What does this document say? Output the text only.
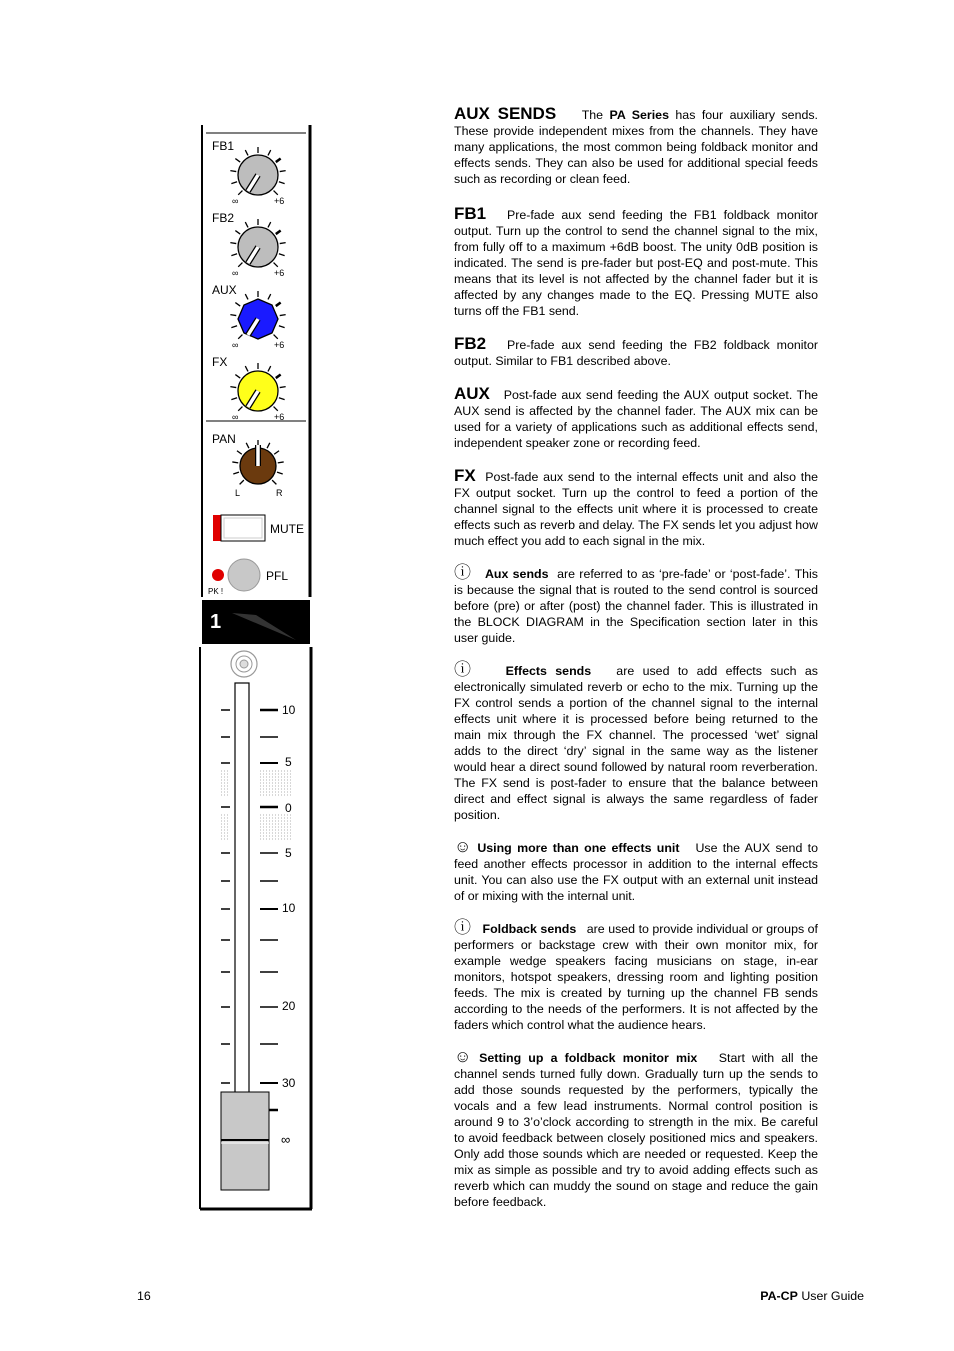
FB1
∞	+6
FB2
∞	+6
AUX
∞	+6
FX
∞	+6
PAN
L	R
MUTE
PFL
PK !
1
10
5
0
5
10
20
30
∞

AUX SENDS The PA Series has four auxiliary sends. These provide independent mixes from the channels. They have many applications, the most common being foldback monitor and effects sends. They can also be used for additional special feeds such as recording or clean feed.

FB1 Pre-fade aux send feeding the FB1 foldback monitor output. Turn up the control to send the channel signal to the mix, from fully off to a maximum +6dB boost. The unity 0dB position is indicated. The send is pre-fader but post-EQ and post-mute. This means that its level is not affected by the channel fader but it is affected by any changes made to the EQ. Pressing MUTE also turns off the FB1 send.

FB2 Pre-fade aux send feeding the FB2 foldback monitor output. Similar to FB1 described above.

AUX Post-fade aux send feeding the AUX output socket. The AUX send is affected by the channel fader. The AUX mix can be used for a variety of applications such as additional effects send, independent speaker zone or recording feed.

FX Post-fade aux send to the internal effects unit and also the FX output socket. Turn up the control to feed a portion of the channel signal to the effects unit where it is processed to create effects such as reverb and delay. The FX sends let you adjust how much effect you add to each signal in the mix.

ⓘ Aux sends are referred to as ‘pre-fade’ or ‘post-fade’. This is because the signal that is routed to the send control is sourced before (pre) or after (post) the channel fader. This is illustrated in the BLOCK DIAGRAM in the Specification section later in this user guide.

ⓘ	Effects sends are used to add effects such as electronically simulated reverb or echo to the mix. Turning up the FX control sends a portion of the channel signal to the internal effects unit where it is processed before being returned to the main mix through the FX channel. The processed ‘wet’ signal adds to the direct ‘dry’ signal in the same way as the listener would hear a direct sound followed by natural room reverberation. The FX send is post-fader to ensure that the balance between direct and effect signal is always the same regardless of fader position.

☺ Using more than one effects unit Use the AUX send to feed another effects processor in addition to the internal effects unit. You can also use the FX output with an external unit instead of or mixing with the internal unit.

ⓘ Foldback sends are used to provide individual or groups of performers or backstage crew with their own monitor mix, for example wedge speakers facing musicians on stage, in-ear monitors, hotspot speakers, dressing room and lighting position feeds. The mix is created by turning up the channel FB sends according to the needs of the performers. It is not affected by the faders which control what the audience hears.

☺ Setting up a foldback monitor mix Start with all the channel sends turned fully down. Gradually turn up the sends to add those sounds requested by the performers, typically the vocals and a few lead instruments. Normal control position is around 9 to 3’o’clock according to strength in the mix. Be careful to avoid feedback between closely positioned mics and speakers. Only add those sounds which are needed or requested. Keep the mix as simple as possible and try to avoid adding effects such as reverb which can muddy the sound on stage and reduce the gain before feedback.

16	PA-CP User Guide
